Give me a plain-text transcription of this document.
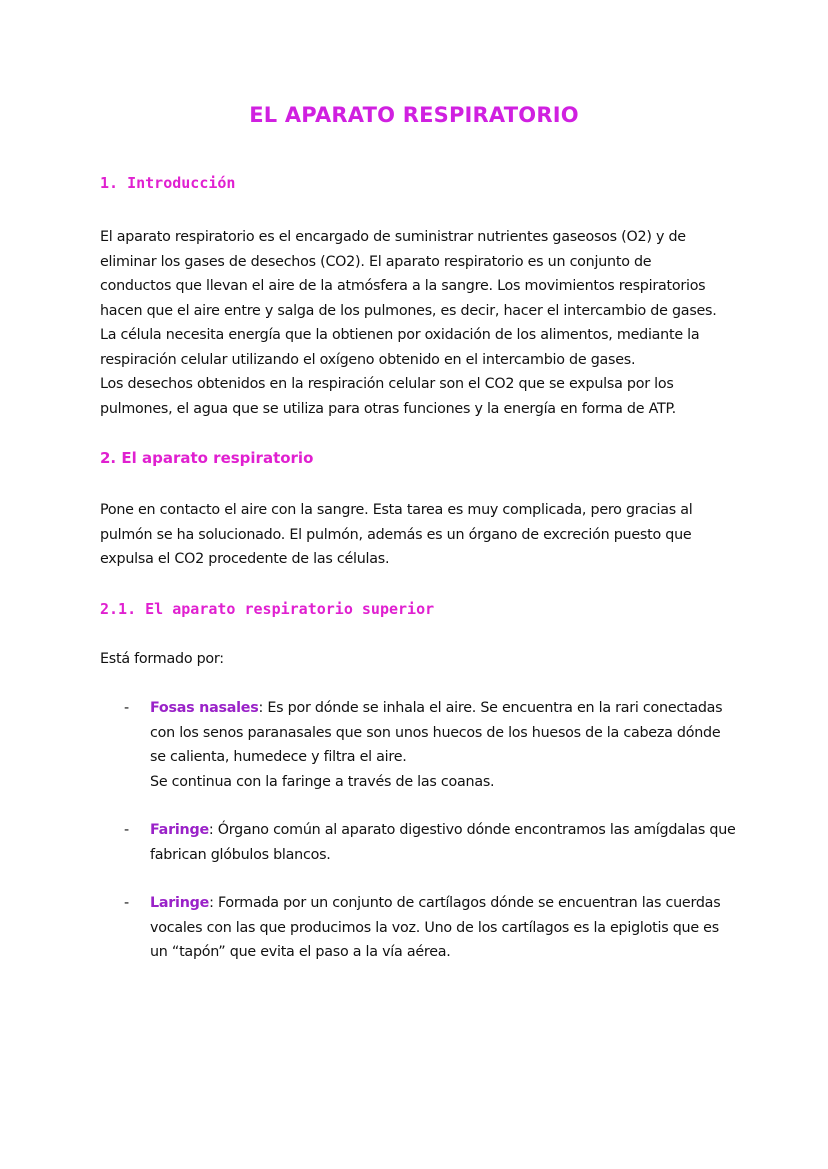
EL APARATO RESPIRATORIO
1. Introducción
El aparato respiratorio es el encargado de suministrar nutrientes gaseosos (O2) y de
eliminar los gases de desechos (CO2). El aparato respiratorio es un conjunto de
conductos que llevan el aire de la atmósfera a la sangre. Los movimientos respiratorios
hacen que el aire entre y salga de los pulmones, es decir, hacer el intercambio de gases.
La célula necesita energía que la obtienen por oxidación de los alimentos, mediante la
respiración celular utilizando el oxígeno obtenido en el intercambio de gases.
Los desechos obtenidos en la respiración celular son el CO2 que se expulsa por los
pulmones, el agua que se utiliza para otras funciones y la energía en forma de ATP.
2. El aparato respiratorio
Pone en contacto el aire con la sangre. Esta tarea es muy complicada, pero gracias al
pulmón se ha solucionado. El pulmón, además es un órgano de excreción puesto que
expulsa el CO2 procedente de las células.
2.1. El aparato respiratorio superior
Está formado por:
- Fosas nasales: Es por dónde se inhala el aire. Se encuentra en la rari conectadas
con los senos paranasales que son unos huecos de los huesos de la cabeza dónde
se calienta, humedece y filtra el aire.
Se continua con la faringe a través de las coanas.
- Faringe: Órgano común al aparato digestivo dónde encontramos las amígdalas que
fabrican glóbulos blancos.
- Laringe: Formada por un conjunto de cartílagos dónde se encuentran las cuerdas
vocales con las que producimos la voz. Uno de los cartílagos es la epiglotis que es
un “tapón” que evita el paso a la vía aérea.
